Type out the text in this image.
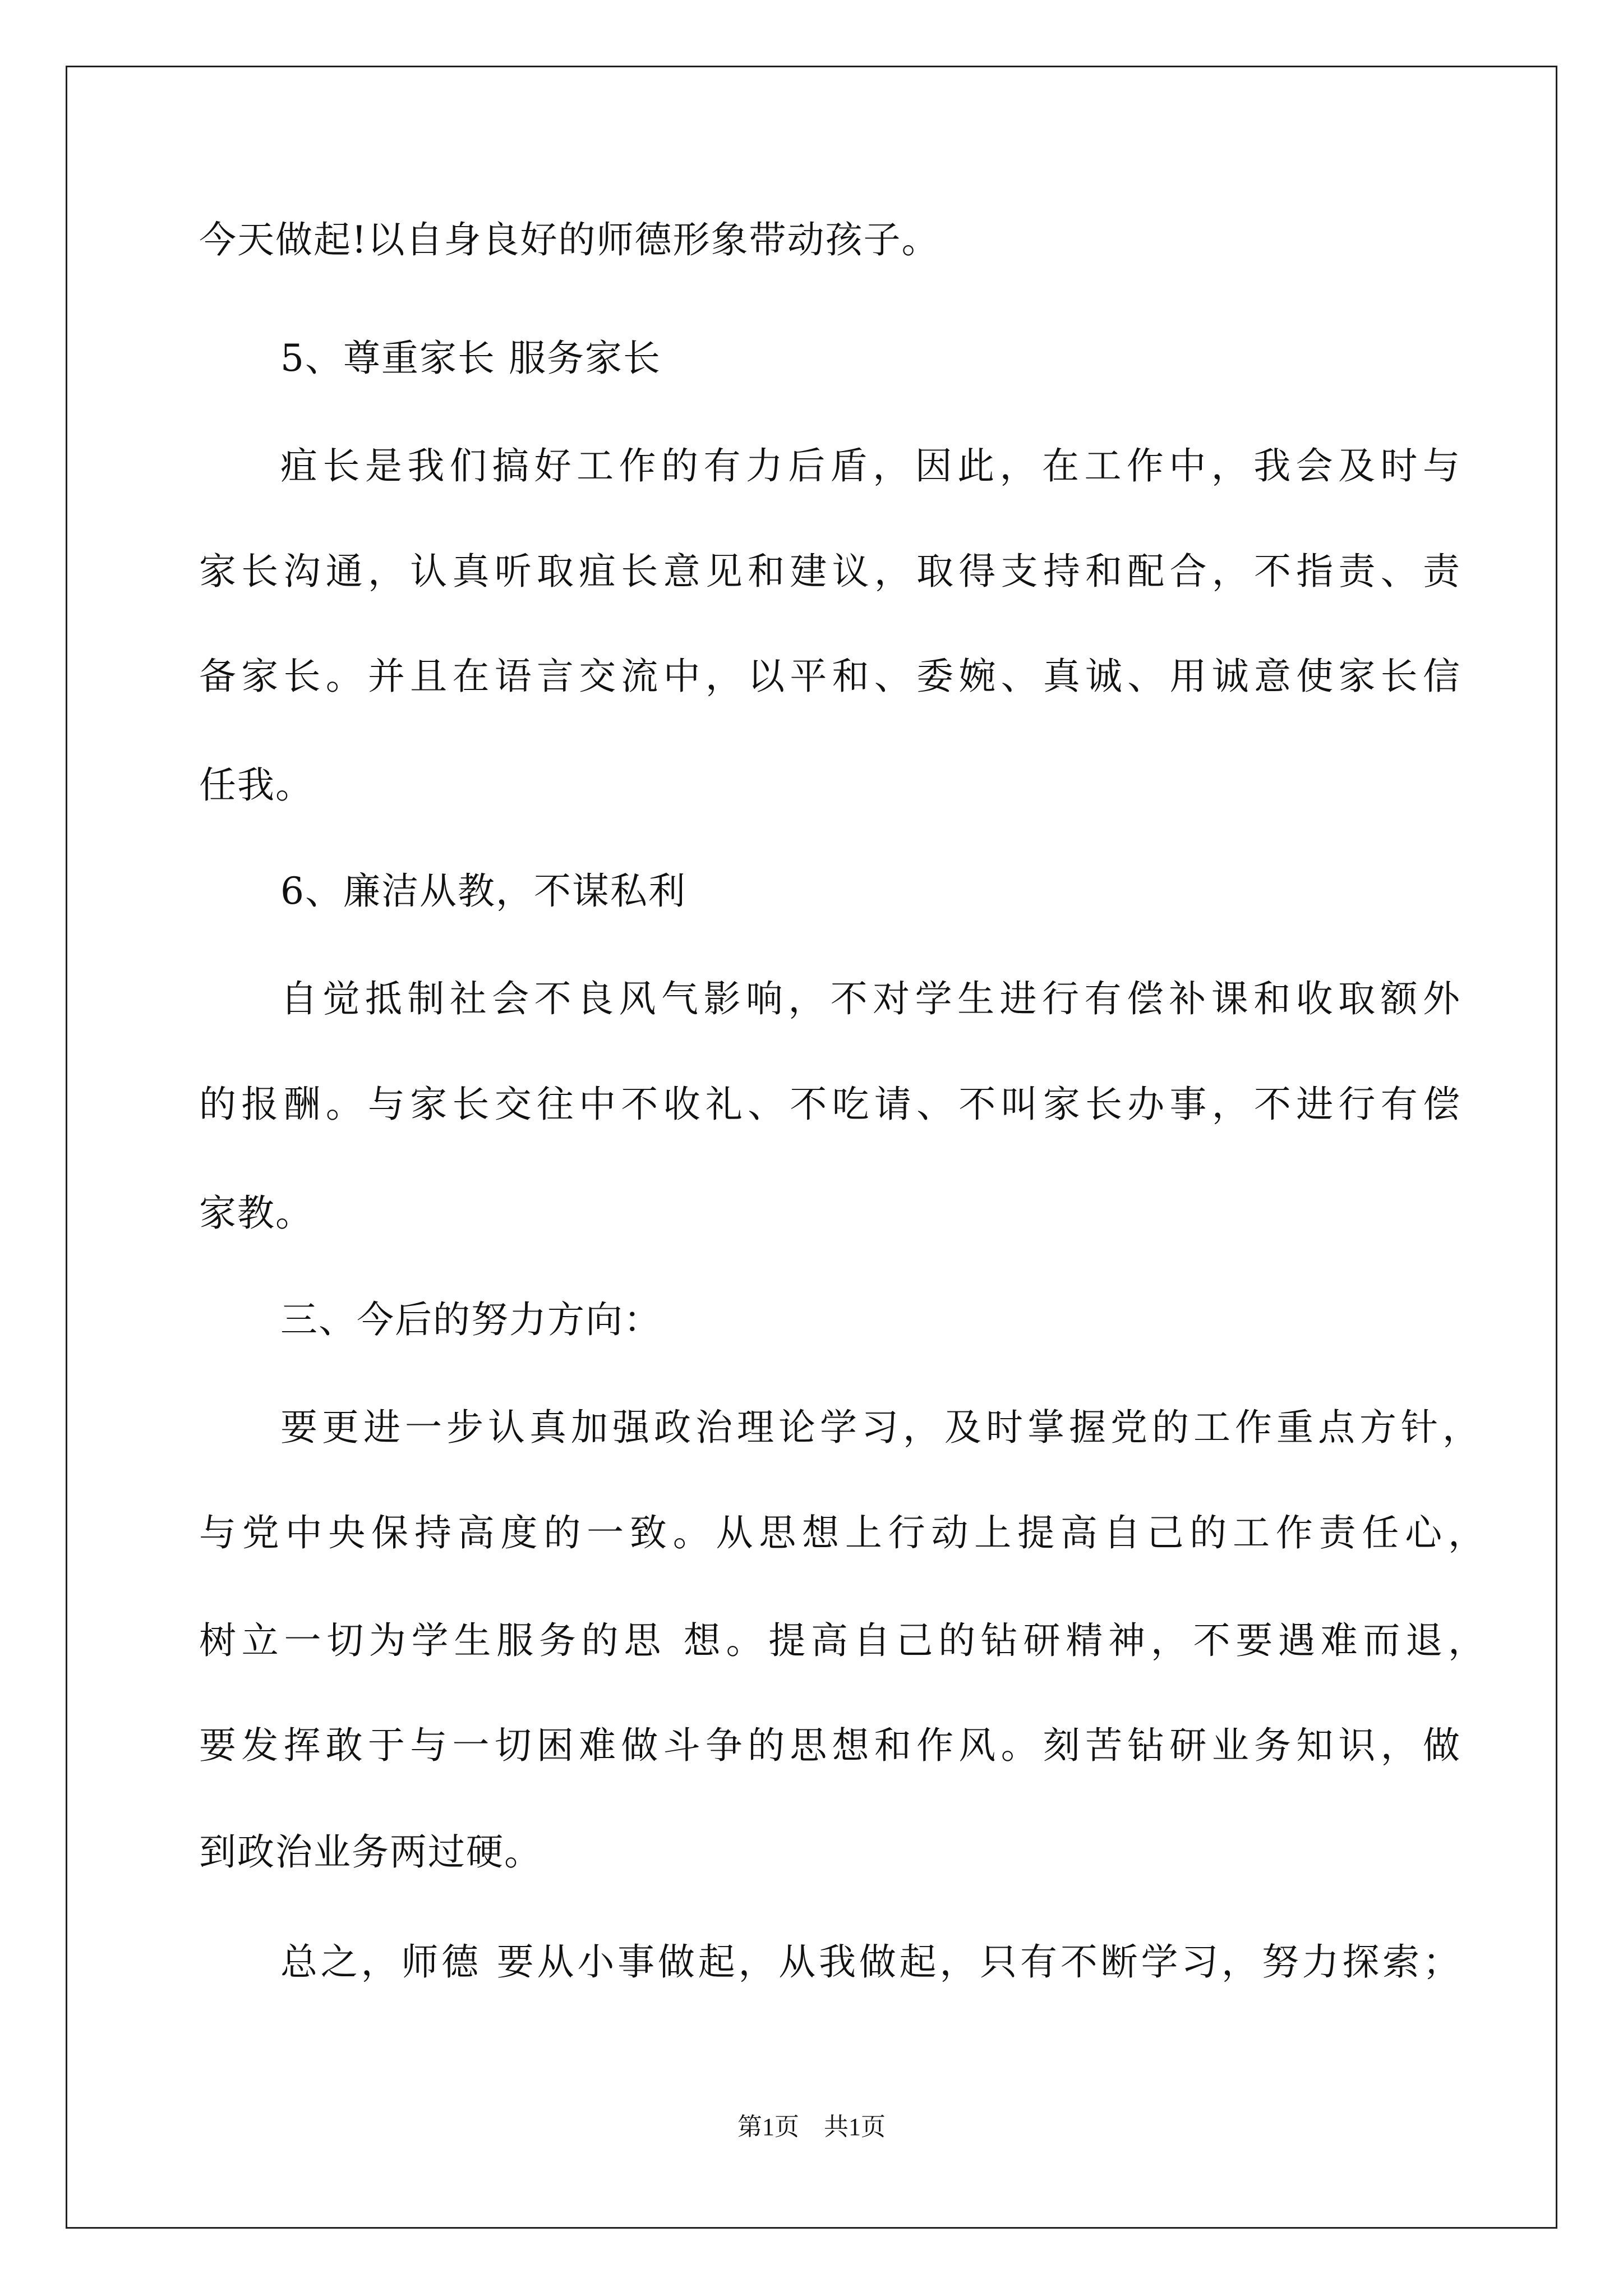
今天做起!以自身良好的师德形象带动孩子。
5、尊重家长 服务家长
疽长是我们搞好工作的有力后盾，因此，在工作中，我会及时与
家长沟通，认真听取疽长意见和建议，取得支持和配合，不指责、责
备家长。并且在语言交流中，以平和、委婉、真诚、用诚意使家长信
任我。
6、廉洁从教，不谋私利
自觉抵制社会不良风气影响，不对学生进行有偿补课和收取额外
的报酬。与家长交往中不收礼、不吃请、不叫家长办事，不进行有偿
家教。
三、今后的努力方向：
要更进一步认真加强政治理论学习，及时掌握党的工作重点方针，
与党中央保持高度的一致。从思想上行动上提高自己的工作责任心，
树立一切为学生服务的思 想。提高自己的钻研精神，不要遇难而退，
要发挥敢于与一切困难做斗争的思想和作风。刻苦钻研业务知识，做
到政治业务两过硬。
总之，师德 要从小事做起，从我做起，只有不断学习，努力探索；
第1页　共1页
